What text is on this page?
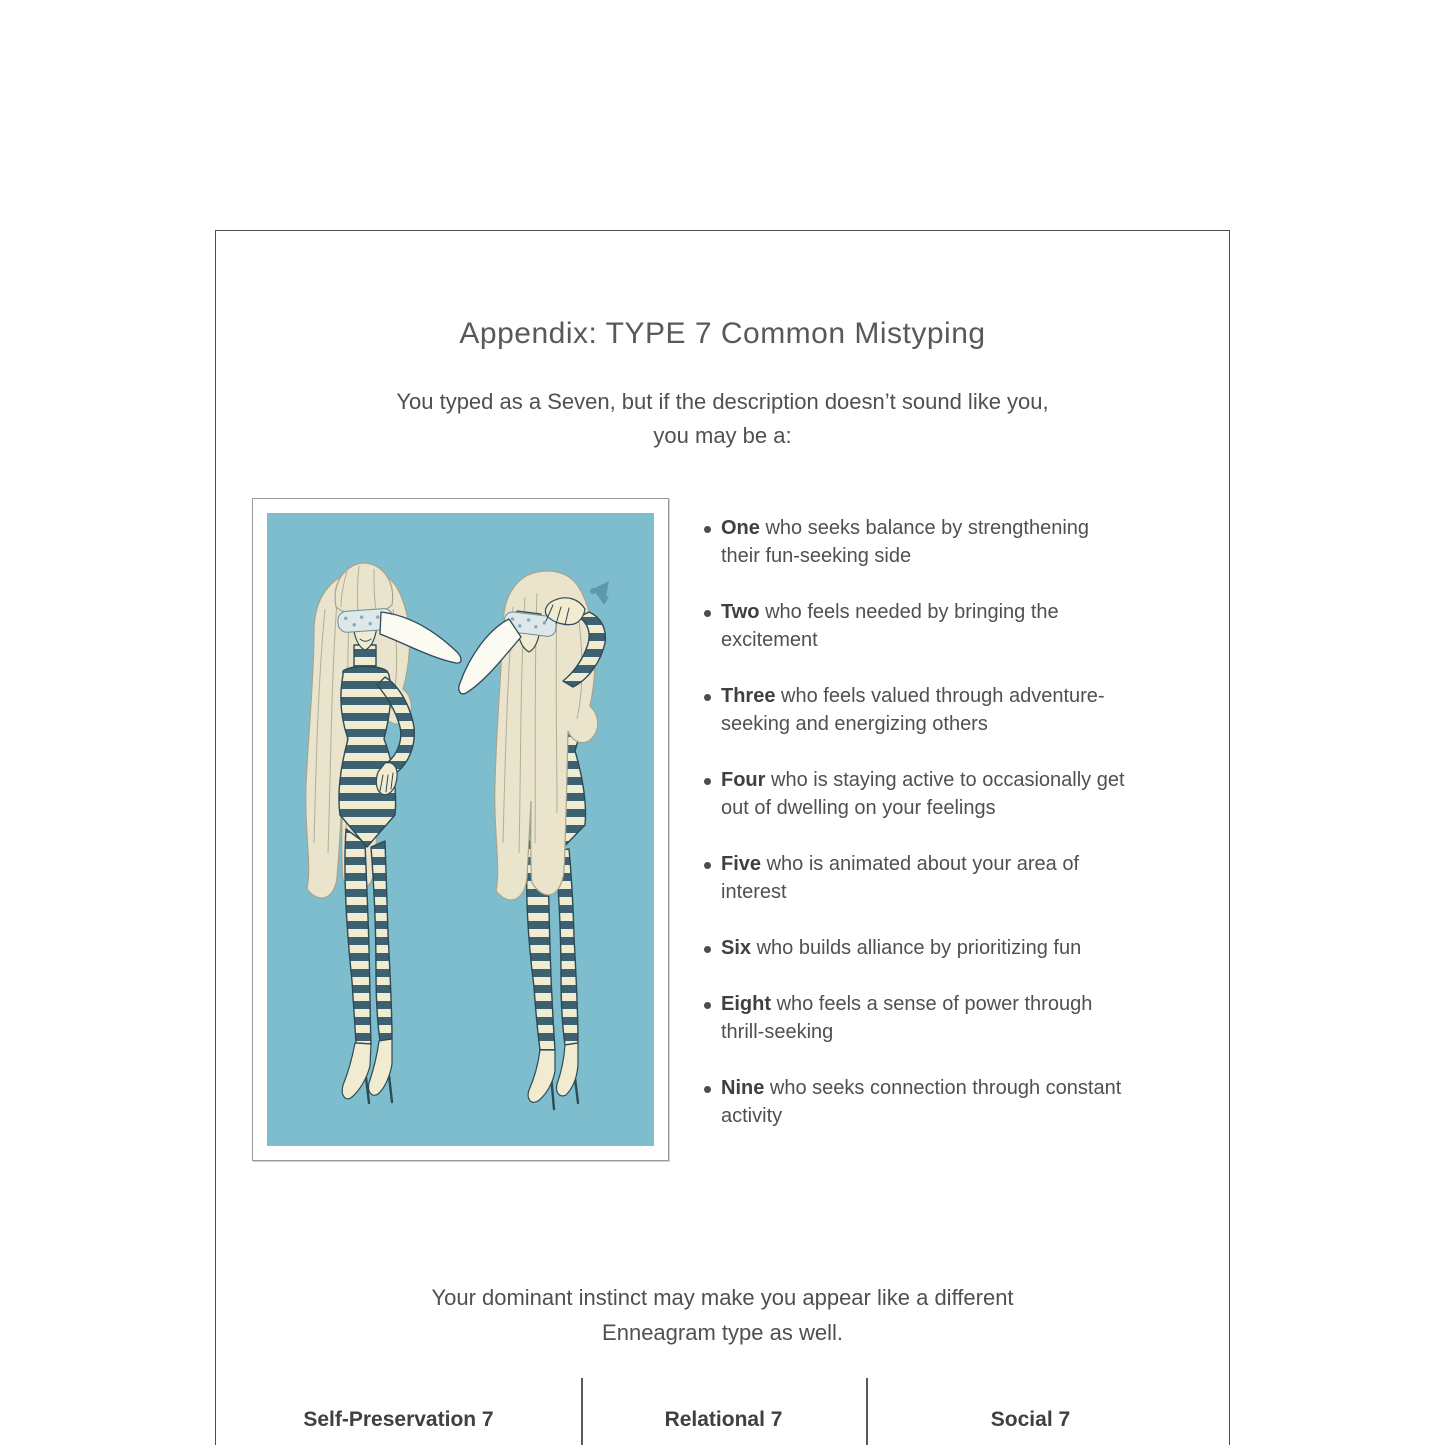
Appendix: TYPE 7 Common Mistyping

You typed as a Seven, but if the description doesn’t sound like you,
you may be a:

One who seeks balance by strengthening their fun-seeking side

Two who feels needed by bringing the excitement

Three who feels valued through adventure-seeking and energizing others

Four who is staying active to occasionally get out of dwelling on your feelings

Five who is animated about your area of interest

Six who builds alliance by prioritizing fun

Eight who feels a sense of power through thrill-seeking

Nine who seeks connection through constant activity

Your dominant instinct may make you appear like a different
Enneagram type as well.

Self-Preservation 7	Relational 7	Social 7
